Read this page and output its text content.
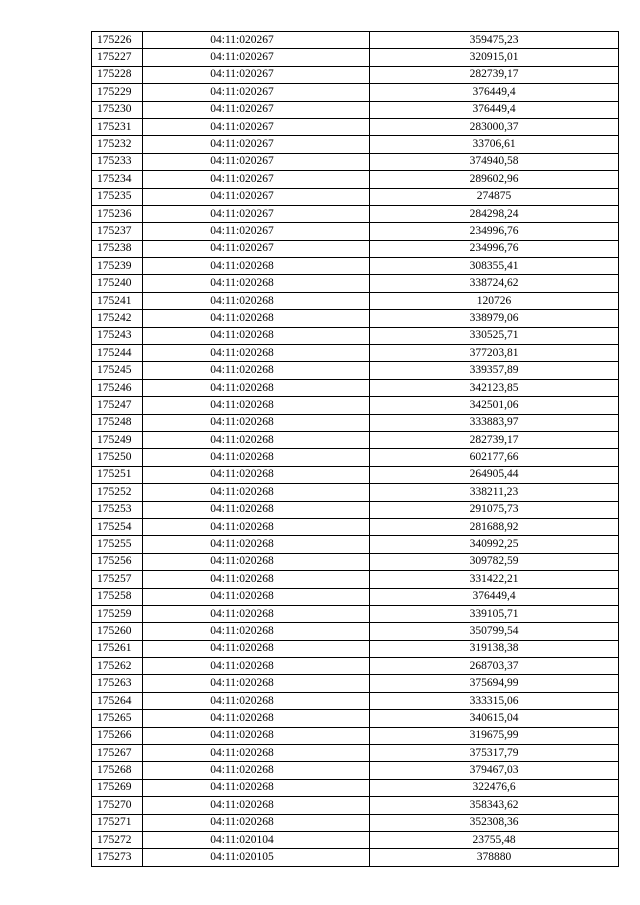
175226	04:11:020267	359475,23
175227	04:11:020267	320915,01
175228	04:11:020267	282739,17
175229	04:11:020267	376449,4
175230	04:11:020267	376449,4
175231	04:11:020267	283000,37
175232	04:11:020267	33706,61
175233	04:11:020267	374940,58
175234	04:11:020267	289602,96
175235	04:11:020267	274875
175236	04:11:020267	284298,24
175237	04:11:020267	234996,76
175238	04:11:020267	234996,76
175239	04:11:020268	308355,41
175240	04:11:020268	338724,62
175241	04:11:020268	120726
175242	04:11:020268	338979,06
175243	04:11:020268	330525,71
175244	04:11:020268	377203,81
175245	04:11:020268	339357,89
175246	04:11:020268	342123,85
175247	04:11:020268	342501,06
175248	04:11:020268	333883,97
175249	04:11:020268	282739,17
175250	04:11:020268	602177,66
175251	04:11:020268	264905,44
175252	04:11:020268	338211,23
175253	04:11:020268	291075,73
175254	04:11:020268	281688,92
175255	04:11:020268	340992,25
175256	04:11:020268	309782,59
175257	04:11:020268	331422,21
175258	04:11:020268	376449,4
175259	04:11:020268	339105,71
175260	04:11:020268	350799,54
175261	04:11:020268	319138,38
175262	04:11:020268	268703,37
175263	04:11:020268	375694,99
175264	04:11:020268	333315,06
175265	04:11:020268	340615,04
175266	04:11:020268	319675,99
175267	04:11:020268	375317,79
175268	04:11:020268	379467,03
175269	04:11:020268	322476,6
175270	04:11:020268	358343,62
175271	04:11:020268	352308,36
175272	04:11:020104	23755,48
175273	04:11:020105	378880
